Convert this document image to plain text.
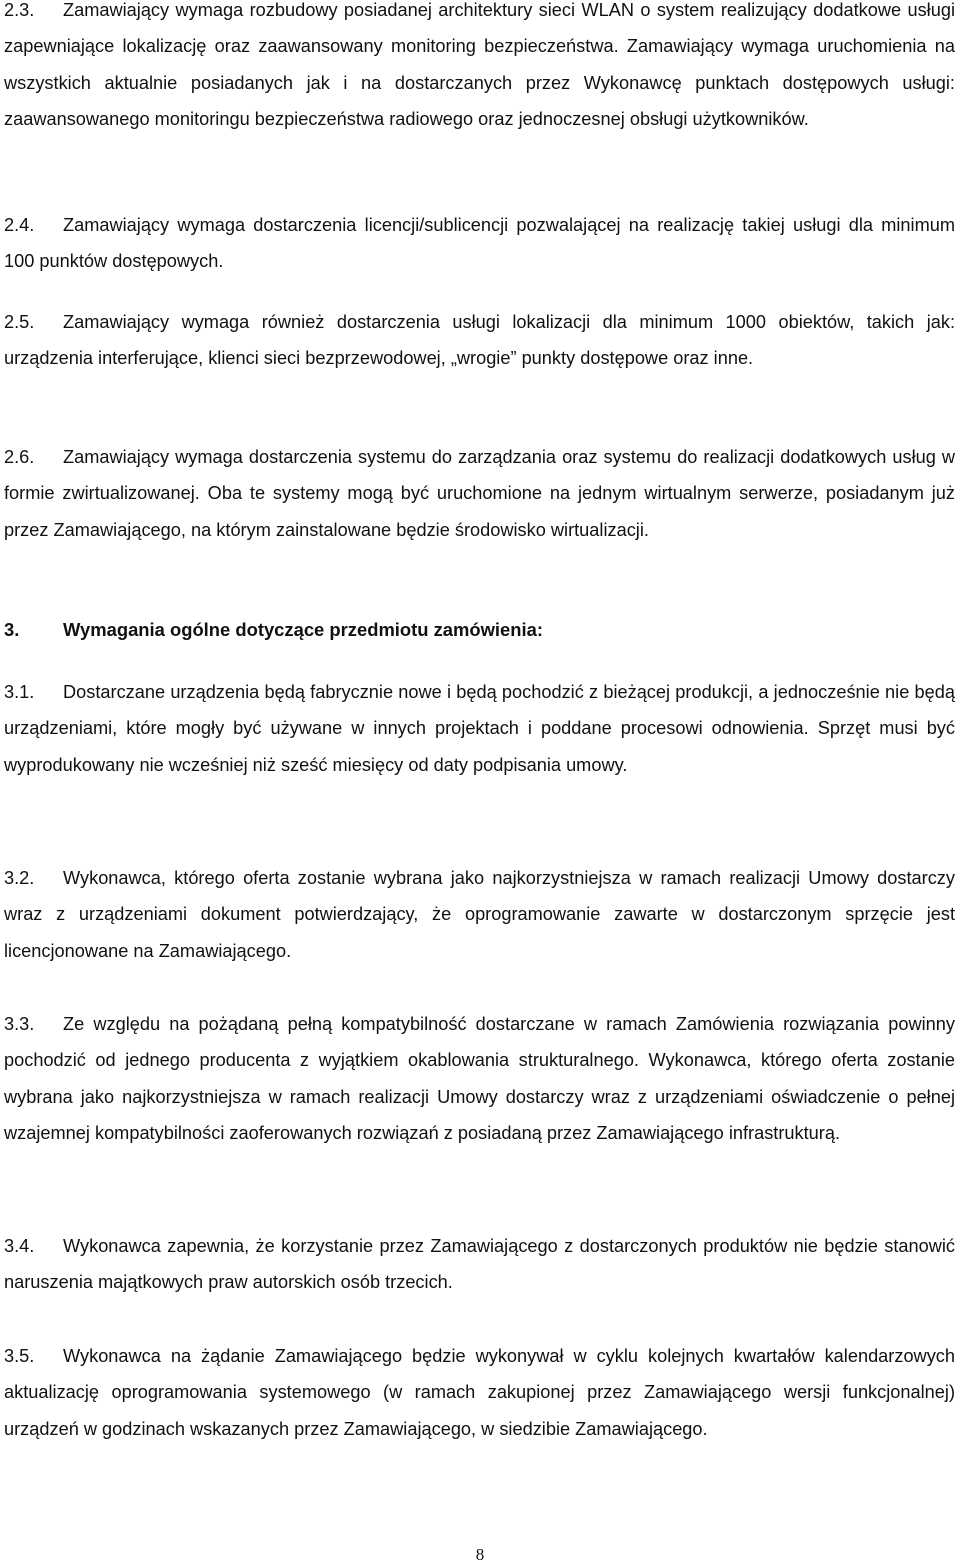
2.3. Zamawiający wymaga rozbudowy posiadanej architektury sieci WLAN o system realizujący dodatkowe usługi zapewniające lokalizację oraz zaawansowany monitoring bezpieczeństwa. Zamawiający wymaga uruchomienia na wszystkich aktualnie posiadanych jak i na dostarczanych przez Wykonawcę punktach dostępowych usługi: zaawansowanego monitoringu bezpieczeństwa radiowego oraz jednoczesnej obsługi użytkowników.

2.4. Zamawiający wymaga dostarczenia licencji/sublicencji pozwalającej na realizację takiej usługi dla minimum 100 punktów dostępowych.

2.5. Zamawiający wymaga również dostarczenia usługi lokalizacji dla minimum 1000 obiektów, takich jak: urządzenia interferujące, klienci sieci bezprzewodowej, „wrogie” punkty dostępowe oraz inne.

2.6. Zamawiający wymaga dostarczenia systemu do zarządzania oraz systemu do realizacji dodatkowych usług w formie zwirtualizowanej. Oba te systemy mogą być uruchomione na jednym wirtualnym serwerze, posiadanym już przez Zamawiającego, na którym zainstalowane będzie środowisko wirtualizacji.

3. Wymagania ogólne dotyczące przedmiotu zamówienia:

3.1. Dostarczane urządzenia będą fabrycznie nowe i będą pochodzić z bieżącej produkcji, a jednocześnie nie będą urządzeniami, które mogły być używane w innych projektach i poddane procesowi odnowienia. Sprzęt musi być wyprodukowany nie wcześniej niż sześć miesięcy od daty podpisania umowy.

3.2. Wykonawca, którego oferta zostanie wybrana jako najkorzystniejsza w ramach realizacji Umowy dostarczy wraz z urządzeniami dokument potwierdzający, że oprogramowanie zawarte w dostarczonym sprzęcie jest licencjonowane na Zamawiającego.

3.3. Ze względu na pożądaną pełną kompatybilność dostarczane w ramach Zamówienia rozwiązania powinny pochodzić od jednego producenta z wyjątkiem okablowania strukturalnego. Wykonawca, którego oferta zostanie wybrana jako najkorzystniejsza w ramach realizacji Umowy dostarczy wraz z urządzeniami oświadczenie o pełnej wzajemnej kompatybilności zaoferowanych rozwiązań z posiadaną przez Zamawiającego infrastrukturą.

3.4. Wykonawca zapewnia, że korzystanie przez Zamawiającego z dostarczonych produktów nie będzie stanowić naruszenia majątkowych praw autorskich osób trzecich.

3.5. Wykonawca na żądanie Zamawiającego będzie wykonywał w cyklu kolejnych kwartałów kalendarzowych aktualizację oprogramowania systemowego (w ramach zakupionej przez Zamawiającego wersji funkcjonalnej) urządzeń w godzinach wskazanych przez Zamawiającego, w siedzibie Zamawiającego.

8
